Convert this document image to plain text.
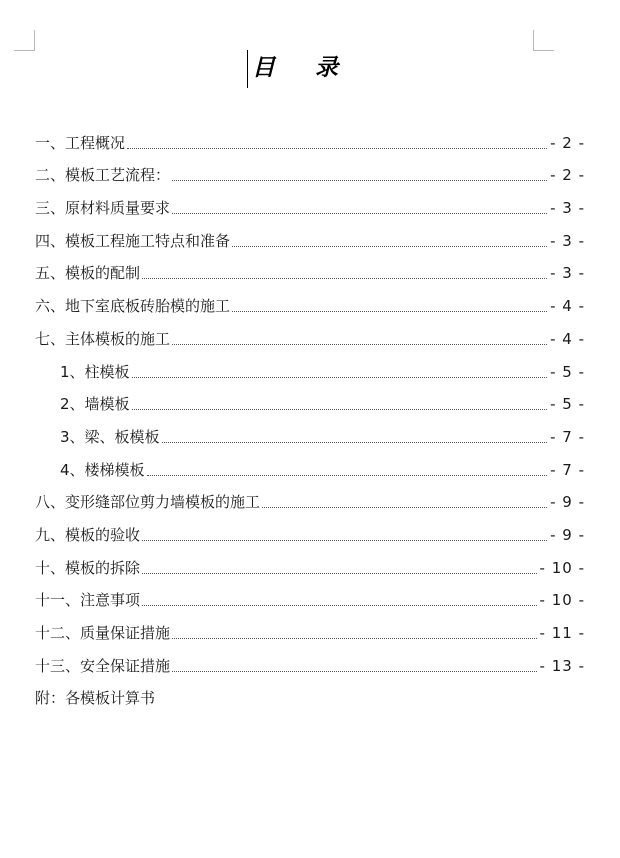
目 录
一、工程概况	- 2 -
二、模板工艺流程：	- 2 -
三、原材料质量要求	- 3 -
四、模板工程施工特点和准备	- 3 -
五、模板的配制	- 3 -
六、地下室底板砖胎模的施工	- 4 -
七、主体模板的施工	- 4 -
1、柱模板	- 5 -
2、墙模板	- 5 -
3、梁、板模板	- 7 -
4、楼梯模板	- 7 -
八、变形缝部位剪力墙模板的施工	- 9 -
九、模板的验收	- 9 -
十、模板的拆除	- 10 -
十一、注意事项	- 10 -
十二、质量保证措施	- 11 -
十三、安全保证措施	- 13 -
附：各模板计算书
